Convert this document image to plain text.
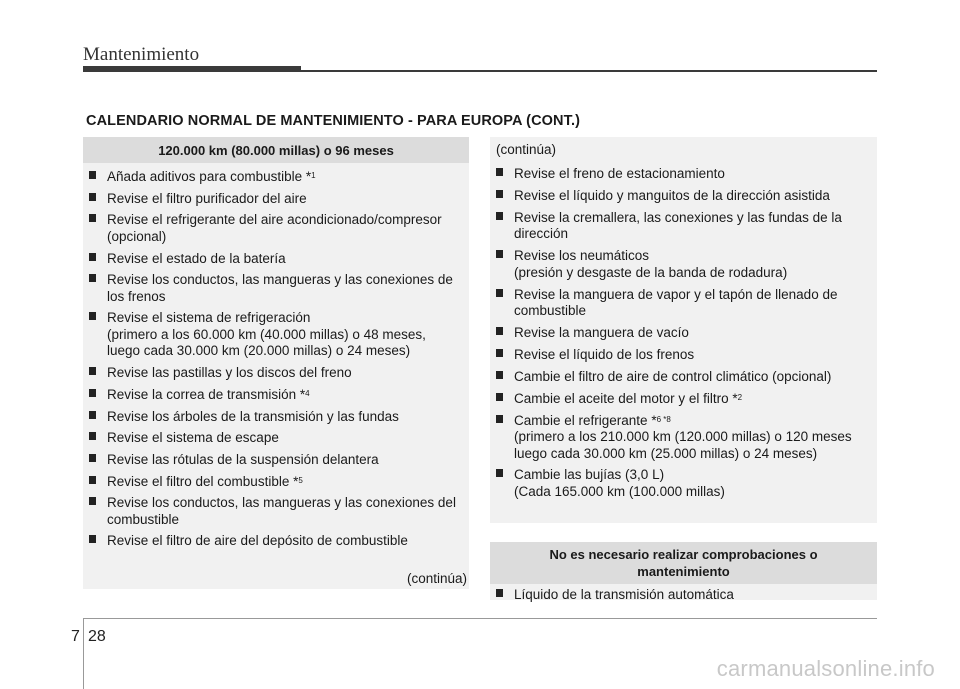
Mantenimiento
CALENDARIO NORMAL DE MANTENIMIENTO - PARA EUROPA (CONT.)
120.000 km (80.000 millas) o 96 meses
Añada aditivos para combustible *$^1$
Revise el filtro purificador del aire
Revise el refrigerante del aire acondicionado/compresor
(opcional)
Revise el estado de la batería
Revise los conductos, las mangueras y las conexiones de
los frenos
Revise el sistema de refrigeración
(primero a los 60.000 km (40.000 millas) o 48 meses,
luego cada 30.000 km (20.000 millas) o 24 meses)
Revise las pastillas y los discos del freno
Revise la correa de transmisión *$^4$
Revise los árboles de la transmisión y las fundas
Revise el sistema de escape
Revise las rótulas de la suspensión delantera
Revise el filtro del combustible *$^5$
Revise los conductos, las mangueras y las conexiones del
combustible
Revise el filtro de aire del depósito de combustible
(continúa)
(continúa)
Revise el freno de estacionamiento
Revise el líquido y manguitos de la dirección asistida
Revise la cremallera, las conexiones y las fundas de la
dirección
Revise los neumáticos
(presión y desgaste de la banda de rodadura)
Revise la manguera de vapor y el tapón de llenado de
combustible
Revise la manguera de vacío
Revise el líquido de los frenos
Cambie el filtro de aire de control climático (opcional)
Cambie el aceite del motor y el filtro *$^2$
Cambie el refrigerante *$^{6 *8}$
(primero a los 210.000 km (120.000 millas) o 120 meses
luego cada 30.000 km (25.000 millas) o 24 meses)
Cambie las bujías (3,0 L)
(Cada 165.000 km (100.000 millas)
No es necesario realizar comprobaciones o
mantenimiento
Líquido de la transmisión automática
7 28
carmanualsonline.info
